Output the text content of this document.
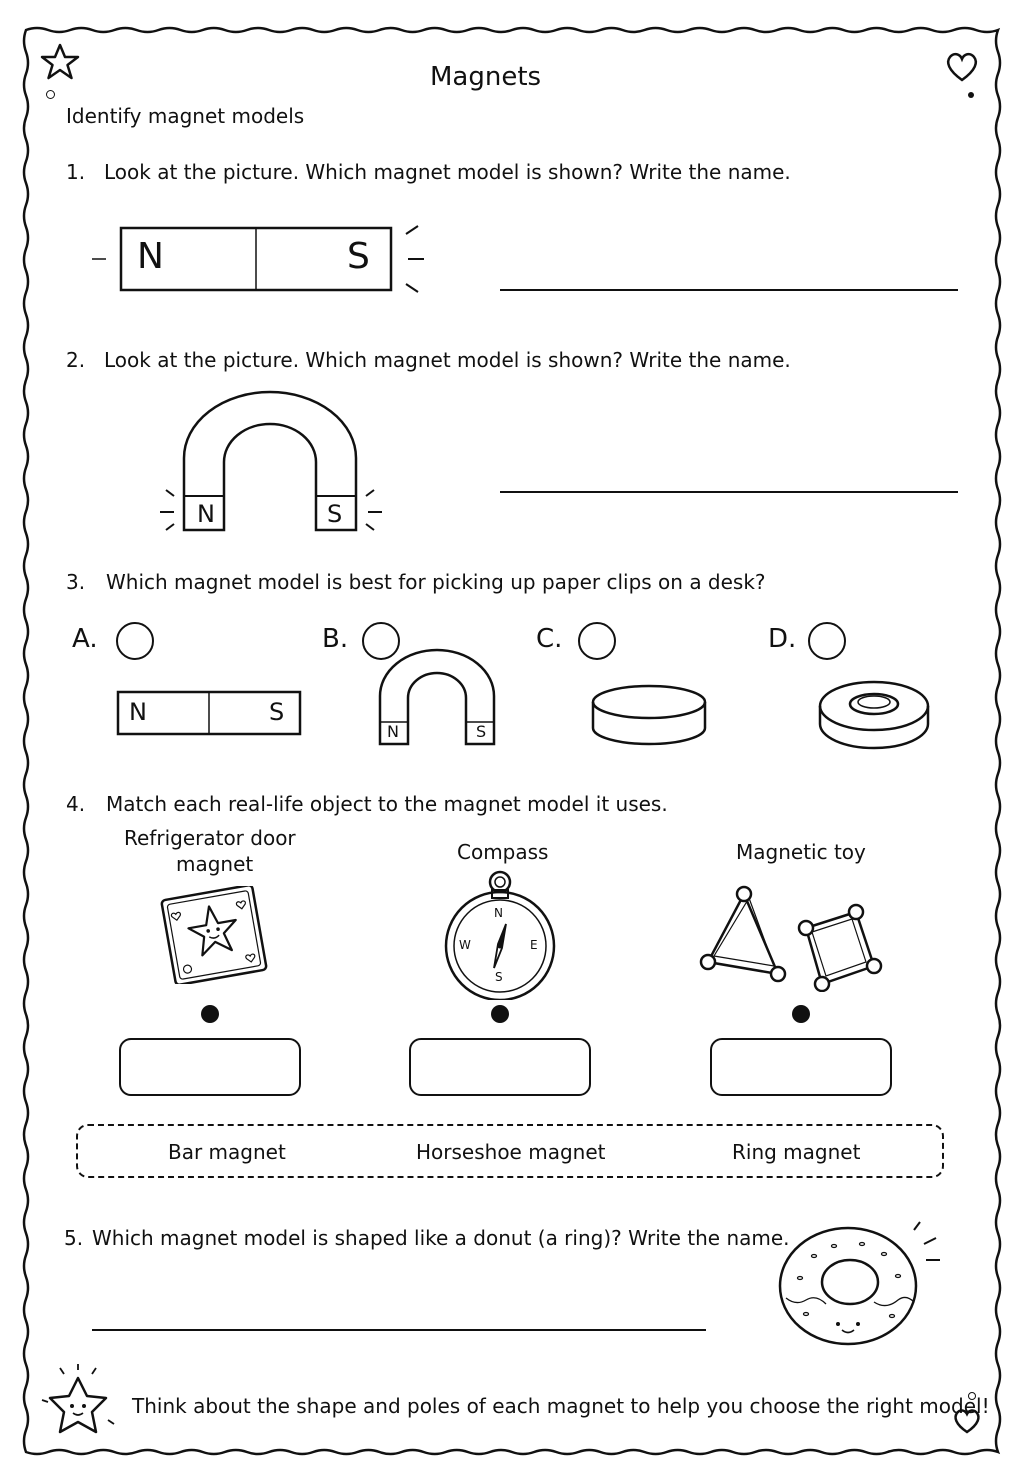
Magnets
Identify magnet models
1. Look at the picture. Which magnet model is shown? Write the name.
N	S
2. Look at the picture. Which magnet model is shown? Write the name.
N	S
3. Which magnet model is best for picking up paper clips on a desk?
A.	B.	C.	D.
N	S
N	S
4. Match each real-life object to the magnet model it uses.
Refrigerator door
magnet	Compass	Magnetic toy
N
E
S
W
Bar magnet	Horseshoe magnet	Ring magnet
5. Which magnet model is shaped like a donut (a ring)? Write the name.
Think about the shape and poles of each magnet to help you choose the right model!
